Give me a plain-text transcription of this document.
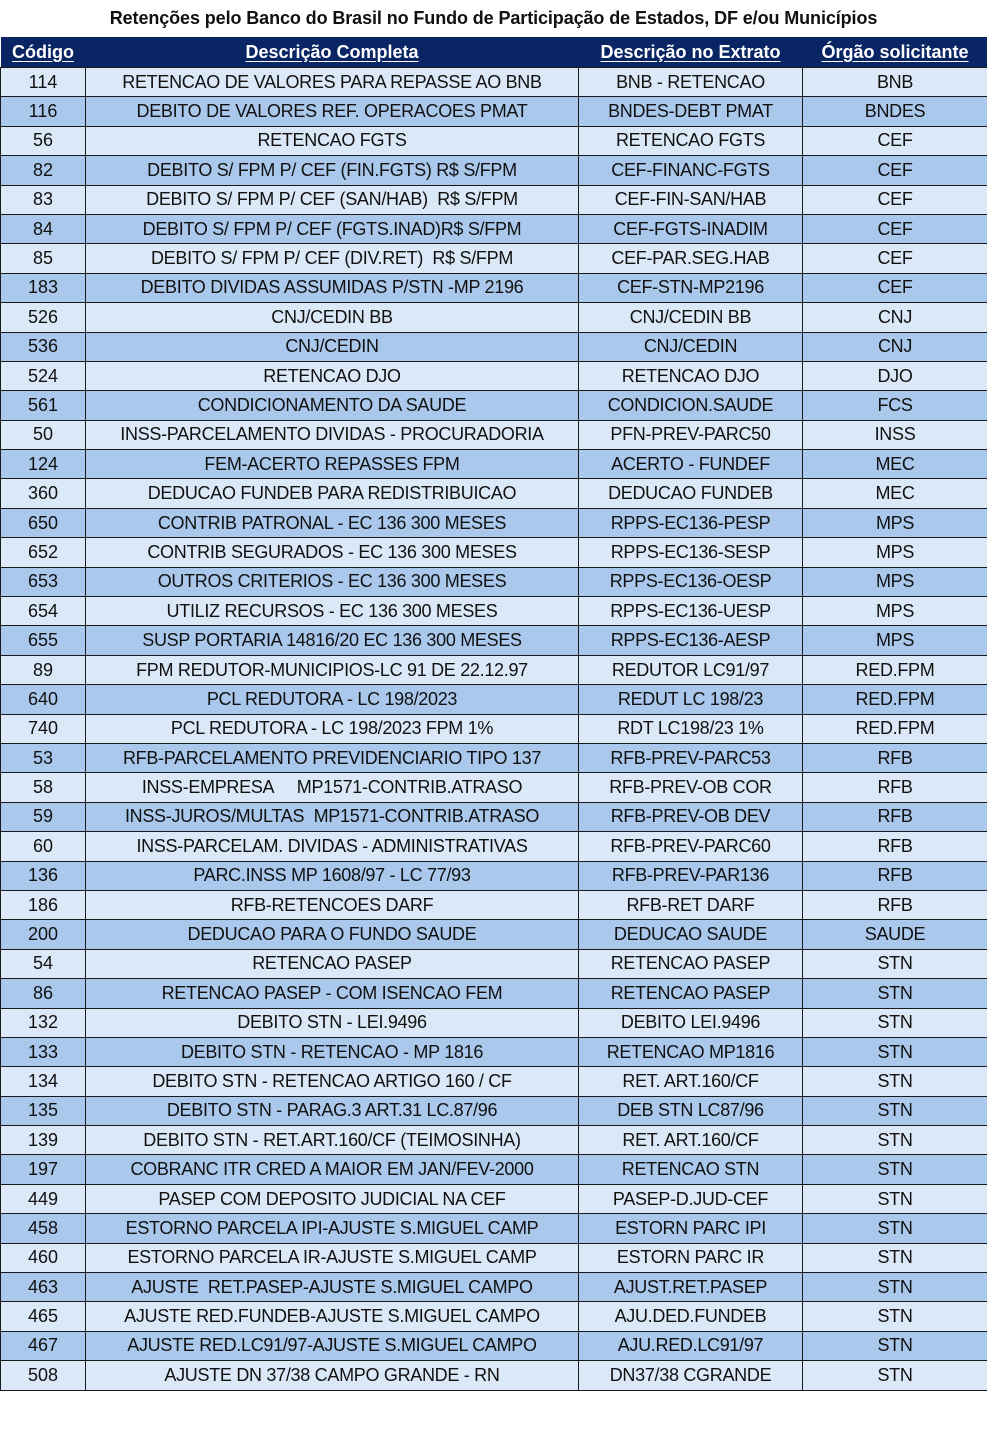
Retenções pelo Banco do Brasil no Fundo de Participação de Estados, DF e/ou Municípios
Código	Descrição Completa	Descrição no Extrato	Órgão solicitante
114	RETENCAO DE VALORES PARA REPASSE AO BNB	BNB - RETENCAO	BNB
116	DEBITO DE VALORES REF. OPERACOES PMAT	BNDES-DEBT PMAT	BNDES
56	RETENCAO FGTS	RETENCAO FGTS	CEF
82	DEBITO S/ FPM P/ CEF (FIN.FGTS) R$ S/FPM	CEF-FINANC-FGTS	CEF
83	DEBITO S/ FPM P/ CEF (SAN/HAB)  R$ S/FPM	CEF-FIN-SAN/HAB	CEF
84	DEBITO S/ FPM P/ CEF (FGTS.INAD)R$ S/FPM	CEF-FGTS-INADIM	CEF
85	DEBITO S/ FPM P/ CEF (DIV.RET)  R$ S/FPM	CEF-PAR.SEG.HAB	CEF
183	DEBITO DIVIDAS ASSUMIDAS P/STN -MP 2196	CEF-STN-MP2196	CEF
526	CNJ/CEDIN BB	CNJ/CEDIN BB	CNJ
536	CNJ/CEDIN	CNJ/CEDIN	CNJ
524	RETENCAO DJO	RETENCAO DJO	DJO
561	CONDICIONAMENTO DA SAUDE	CONDICION.SAUDE	FCS
50	INSS-PARCELAMENTO DIVIDAS - PROCURADORIA	PFN-PREV-PARC50	INSS
124	FEM-ACERTO REPASSES FPM	ACERTO - FUNDEF	MEC
360	DEDUCAO FUNDEB PARA REDISTRIBUICAO	DEDUCAO FUNDEB	MEC
650	CONTRIB PATRONAL - EC 136 300 MESES	RPPS-EC136-PESP	MPS
652	CONTRIB SEGURADOS - EC 136 300 MESES	RPPS-EC136-SESP	MPS
653	OUTROS CRITERIOS - EC 136 300 MESES	RPPS-EC136-OESP	MPS
654	UTILIZ RECURSOS - EC 136 300 MESES	RPPS-EC136-UESP	MPS
655	SUSP PORTARIA 14816/20 EC 136 300 MESES	RPPS-EC136-AESP	MPS
89	FPM REDUTOR-MUNICIPIOS-LC 91 DE 22.12.97	REDUTOR LC91/97	RED.FPM
640	PCL REDUTORA - LC 198/2023	REDUT LC 198/23	RED.FPM
740	PCL REDUTORA - LC 198/2023 FPM 1%	RDT LC198/23 1%	RED.FPM
53	RFB-PARCELAMENTO PREVIDENCIARIO TIPO 137	RFB-PREV-PARC53	RFB
58	INSS-EMPRESA     MP1571-CONTRIB.ATRASO	RFB-PREV-OB COR	RFB
59	INSS-JUROS/MULTAS  MP1571-CONTRIB.ATRASO	RFB-PREV-OB DEV	RFB
60	INSS-PARCELAM. DIVIDAS - ADMINISTRATIVAS	RFB-PREV-PARC60	RFB
136	PARC.INSS MP 1608/97 - LC 77/93	RFB-PREV-PAR136	RFB
186	RFB-RETENCOES DARF	RFB-RET DARF	RFB
200	DEDUCAO PARA O FUNDO SAUDE	DEDUCAO SAUDE	SAUDE
54	RETENCAO PASEP	RETENCAO PASEP	STN
86	RETENCAO PASEP - COM ISENCAO FEM	RETENCAO PASEP	STN
132	DEBITO STN - LEI.9496	DEBITO LEI.9496	STN
133	DEBITO STN - RETENCAO - MP 1816	RETENCAO MP1816	STN
134	DEBITO STN - RETENCAO ARTIGO 160 / CF	RET. ART.160/CF	STN
135	DEBITO STN - PARAG.3 ART.31 LC.87/96	DEB STN LC87/96	STN
139	DEBITO STN - RET.ART.160/CF (TEIMOSINHA)	RET. ART.160/CF	STN
197	COBRANC ITR CRED A MAIOR EM JAN/FEV-2000	RETENCAO STN	STN
449	PASEP COM DEPOSITO JUDICIAL NA CEF	PASEP-D.JUD-CEF	STN
458	ESTORNO PARCELA IPI-AJUSTE S.MIGUEL CAMP	ESTORN PARC IPI	STN
460	ESTORNO PARCELA IR-AJUSTE S.MIGUEL CAMP	ESTORN PARC IR	STN
463	AJUSTE  RET.PASEP-AJUSTE S.MIGUEL CAMPO	AJUST.RET.PASEP	STN
465	AJUSTE RED.FUNDEB-AJUSTE S.MIGUEL CAMPO	AJU.DED.FUNDEB	STN
467	AJUSTE RED.LC91/97-AJUSTE S.MIGUEL CAMPO	AJU.RED.LC91/97	STN
508	AJUSTE DN 37/38 CAMPO GRANDE - RN	DN37/38 CGRANDE	STN
